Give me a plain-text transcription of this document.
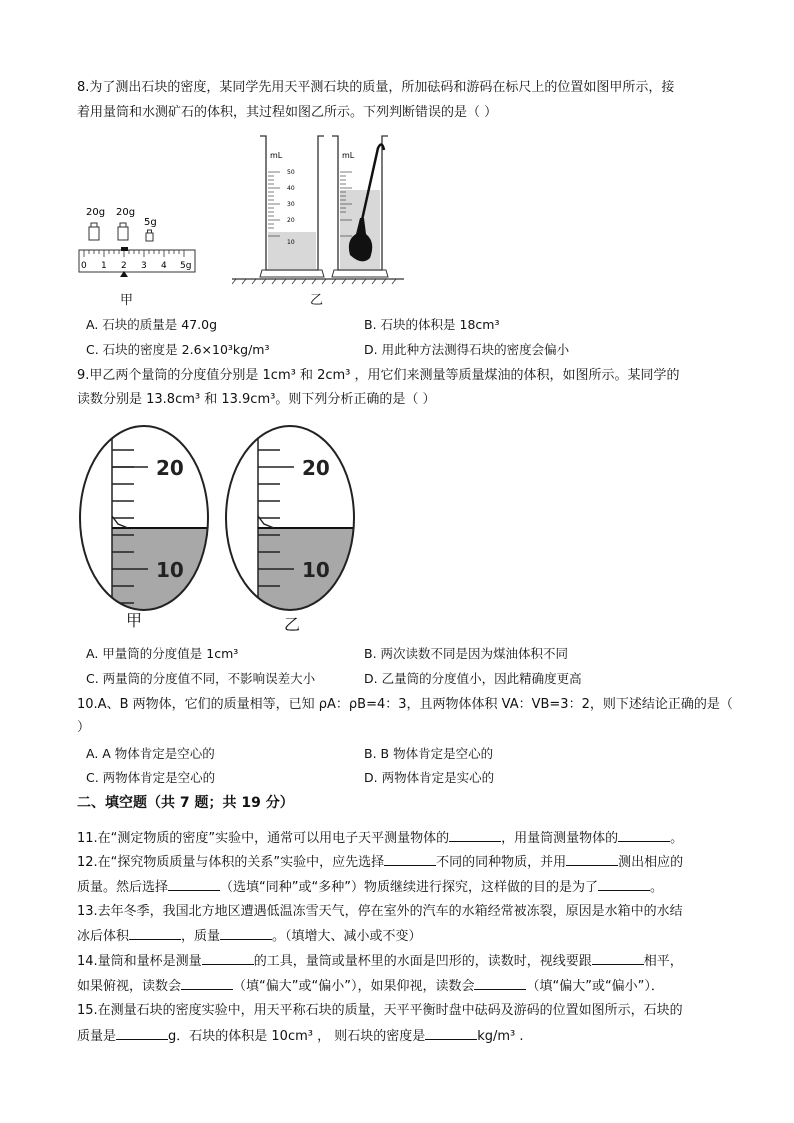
8.为了测出石块的密度，某同学先用天平测石块的质量，所加砝码和游码在标尺上的位置如图甲所示，接
着用量筒和水测矿石的体积，其过程如图乙所示。下列判断错误的是（ ）
20g 20g
5g
0 1 2 3 4 5g
甲
mL
50
40
30
20
10
mL
乙
A. 石块的质量是 47.0g	B. 石块的体积是 18cm³
C. 石块的密度是 2.6×10³kg/m³	D. 用此种方法测得石块的密度会偏小
9.甲乙两个量筒的分度值分别是 1cm³ 和 2cm³ ，用它们来测量等质量煤油的体积，如图所示。某同学的
读数分别是 13.8cm³ 和 13.9cm³。则下列分析正确的是（ ）
20
10
20
10
甲	乙
A. 甲量筒的分度值是 1cm³	B. 两次读数不同是因为煤油体积不同
C. 两量筒的分度值不同，不影响误差大小	D. 乙量筒的分度值小，因此精确度更高
10.A、B 两物体，它们的质量相等，已知 ρA：ρB=4：3，且两物体体积 VA：VB=3：2，则下述结论正确的是（
）
A. A 物体肯定是空心的	B. B 物体肯定是空心的
C. 两物体肯定是空心的	D. 两物体肯定是实心的
二、填空题（共 7 题；共 19 分）
11.在“测定物质的密度”实验中，通常可以用电子天平测量物体的	，用量筒测量物体的	。
12.在“探究物质质量与体积的关系”实验中，应先选择	不同的同种物质，并用	测出相应的
质量。然后选择	（选填“同种”或“多种”）物质继续进行探究，这样做的目的是为了	。
13.去年冬季，我国北方地区遭遇低温冻雪天气，停在室外的汽车的水箱经常被冻裂，原因是水箱中的水结
冰后体积	，质量	。（填增大、减小或不变）
14.量筒和量杯是测量	的工具，量筒或量杯里的水面是凹形的，读数时，视线要跟	相平，
如果俯视，读数会	（填“偏大”或“偏小”），如果仰视，读数会	（填“偏大”或“偏小”）．
15.在测量石块的密度实验中，用天平称石块的质量，天平平衡时盘中砝码及游码的位置如图所示，石块的
质量是	g．石块的体积是 10cm³ ， 则石块的密度是	kg/m³ .
